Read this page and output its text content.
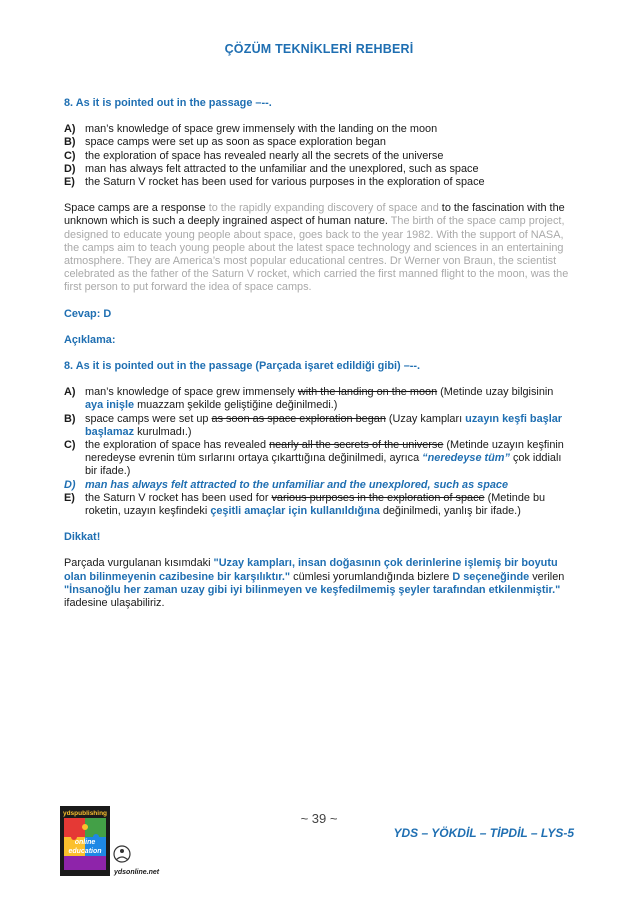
ÇÖZÜM TEKNİKLERİ REHBERİ

8. As it is pointed out in the passage –--.

A) man’s knowledge of space grew immensely with the landing on the moon
B) space camps were set up as soon as space exploration began
C) the exploration of space has revealed nearly all the secrets of the universe
D) man has always felt attracted to the unfamiliar and the unexplored, such as space
E) the Saturn V rocket has been used for various purposes in the exploration of space

Space camps are a response to the rapidly expanding discovery of space and to the fascination with the unknown which is such a deeply ingrained aspect of human nature. The birth of the space camp project, designed to educate young people about space, goes back to the year 1982. With the support of NASA, the camps aim to teach young people about the latest space technology and sciences in an entertaining atmosphere. They are America’s most popular educational centres. Dr Werner von Braun, the scientist celebrated as the father of the Saturn V rocket, which carried the first manned flight to the moon, was the first person to put forward the idea of space camps.

Cevap: D

Açıklama:

8. As it is pointed out in the passage (Parçada işaret edildiği gibi) –--.

A) man’s knowledge of space grew immensely with the landing on the moon (Metinde uzay bilgisinin aya inişle muazzam şekilde geliştiğine değinilmedi.)
B) space camps were set up as soon as space exploration began (Uzay kampları uzayın keşfi başlar başlamaz kurulmadı.)
C) the exploration of space has revealed nearly all the secrets of the universe (Metinde uzayın keşfinin neredeyse evrenin tüm sırlarını ortaya çıkarttığına değinilmedi, ayrıca “neredeyse tüm” çok iddialı bir ifade.)
D) man has always felt attracted to the unfamiliar and the unexplored, such as space
E) the Saturn V rocket has been used for various purposes in the exploration of space (Metinde bu roketin, uzayın keşfindeki çeşitli amaçlar için kullanıldığına değinilmedi, yanlış bir ifade.)

Dikkat!

Parçada vurgulanan kısımdaki "Uzay kampları, insan doğasının çok derinlerine işlemiş bir boyutu olan bilinmeyenin cazibesine bir karşılıktır." cümlesi yorumlandığında bizlere D seçeneğinde verilen "İnsanoğlu her zaman uzay gibi iyi bilinmeyen ve keşfedilmemiş şeyler tarafından etkilenmiştir." ifadesine ulaşabiliriz.

~ 39 ~
ydspublishing
online
education
ydsonline.net
YDS – YÖKDİL – TİPDİL – LYS-5
